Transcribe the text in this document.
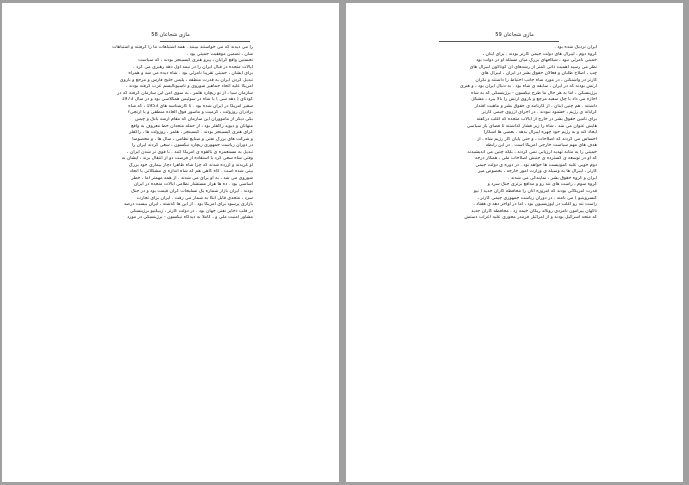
58 مازی شجاعان
را می دیدند که می خواستند ببینند . همه اشتباهات ما را گرفتند و اشتباهات
شان ، تضمین موفقیت حمیتی بود .
نخستین واقع گرایان ، پیرو هنری کیسینجر بودند ، که سیاست
ایالات متحده در قبال ایران را در نیمه اول دهه رهبری می کرد .
برای ایشان ، حمیتی تقریباً نامرئی بود . شاه دیده می شد و همراه
تبدیل کردن ایران به قدرت منطقه ، پلیس خلیج فارس و مرجع و باروی
آمریکا علیه اتحاد جماهیر شوروی و ناسیونالیسم عرب گرفته بودند .
سازمان سیا ، از نو ریچارد هلمز ، به سوی امن این سازمان گرفته که در
کودتای ( دهه سی ) با شاه در سوئیس همکلاسی بود و در سال 1973
سفیر آمریکا در ایران شده بود . تا کارشناسه های 1953 ، که شاه
برادران روزولت ، کرمیت و ماسور فوق العاده منطقی و با ارتجیء
بکی دیگر از مامووران این سازمان که مقام ارشد بانک و چیس
منهاتان و دیوید راکفلر بود ، از حمله متحدان خط معروف به واقع
گرای هنری کیسینجر بودند . کیسینجر ، هلمز ، روزولت ها ، راکفلر
و شرکت های بزرگ نفتی و صنایع نظامی ، سال ها ، و مخصوصاً
در دوران ریاست جمهوری ریچارد نیکسون ، سعی کردند ایران را
تبدیل به مستعمره ی بالقوه ی آمریکا کنند . با قوی تر شدن ایران ،
وقتی شاه سعی کرد با استفاده از فرصت دو از انتقال بزند ، ایشان به
او غریدند و آزرده شدند که چرا شاه ظاهراً دچار بیماری خود بزرگ
بینی شده است . گاه گاهی هم که شاه اندازه ی مشکلاتی با اتحاد
شوروی می شد ، به او برای می شدند . از همه مهمتر اما ، خطر
اساسی بود . ده ها هزار مستشار نظامی ایالات متحده در ایران
بودند . ایران بازار شماره یک تسلیحات گران قیمت بود و در جنگ
سرد ، متحدی قابل اتکا به شمار می رفت . ایران برای تجارت
بازاری پرسود برای آمریکا بود . از این ها گذشته ، ایران بیست درصد
در قلب ذخایر نفتی جهان بود . در دولت کارتر ، زبیگنیو برژینسکی
مشاور امنیت ملی و ، کاملا به دیدگاه نیکسون - برژینسکی در مورد
59 مازی شجاعان
ایران نزدیک شده بود .
گروه دوم ، لیبرال های دولت جیمی کارتر بودند . برای اینان ،
خمینی نامرئی نبود ، شکافهای بزرگ میان مسئله او در دولت بود
نظر می رسید اهمیت ذاتی کمتر از رشدهای آن گوناگون لیبرال های
چپ ، اصلاح طلبان و فعالان حقوق بشر در ایران ، لیبرال های
کارتر در واشنگتن ، در مورد شاه جانب احتیاط را داشتند و نگران
ارتش بودند که در ایران ، سابقه ی شاه بود . به دنبال ایران بود ، و هنری
برژینسکی ، اما به هر حال ما طرح نیکسون - برژینسکی که به شاه
اجازه می داد با چک سفید مرجع و باروی ارتش را بالا ببرد ، مشکل
داشتند . هم چنین اینان ، از کارنامه ی حقوق بشر و ماهیت اقتدار
گرایانه ی رژیم ، خشنود نبودند . در اجرای ارزوی جیمی کارتر
برای تامین حقوق بشر در خارج از ایالات متحده که اغلب درگفته
هایش عنوان می شد ، شاه را زیر فشار گذاشتند تا فضای باز سیاسی
ایجاد کند و به رژیم خود چهره لیبرال بدهد . بعضی ها آشکارا
احساس می کردند که اصلاحات ، و حتی پایان کار رژیم شاه ، از
هدف های مهم سیاست خارجی آمریکا است . در این رابطه
خمینی را به مثابه تهدید ارزیابی نمی کردند ، بلکه چنین می اندیشیدند
که او در توسعه ی گسترده ی جنبش اصلاحات ملی ، همکار درجه
دوم خوبی علیه کمونیست ها خواهد بود . در دوره ی دولت جیمی
کارتر ، لیبرال ها به وسیله ی وزارت امور خارجه ، بخصوص میز
ایران و گروه حقوق بشر ، نمایندگی می شدند .
گروه سوم ، راست های تند رو و مدافع برتری جنگ سرد و
قدرت آمریکائی بودند که امروزه آنان را محافظه کاران جدید ( نیو
کنسرویتیو ) می نامند . در دوران ریاست جمهوری جیمی کارتر ،
راست تند رو اغلب در اپوزیسیون بود ، اما در اواخر دهه ی هفتاد ،
ناگهان پیرامون نامزدی رونالد ریگان خیمه زد . محافظه کاران جدید
که متحد اسرائیل بودند و از امرائیل فرمدر محوری علیه اعراب دستش
